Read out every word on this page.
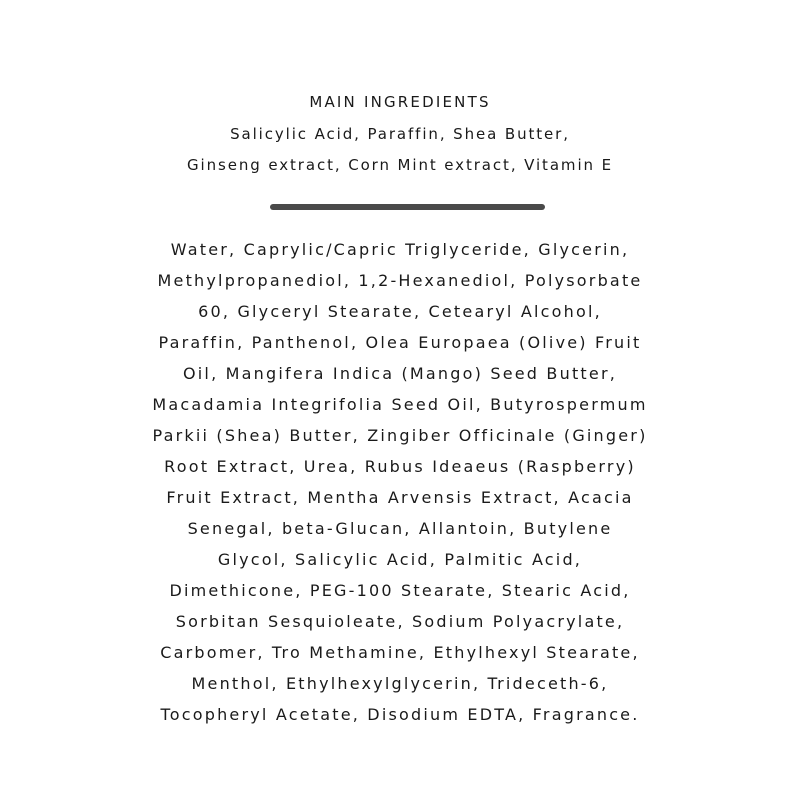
MAIN INGREDIENTS
Salicylic Acid, Paraffin, Shea Butter,
Ginseng extract, Corn Mint extract, Vitamin E
Water, Caprylic/Capric Triglyceride, Glycerin,
Methylpropanediol, 1,2-Hexanediol, Polysorbate
60, Glyceryl Stearate, Cetearyl Alcohol,
Paraffin, Panthenol, Olea Europaea (Olive) Fruit
Oil, Mangifera Indica (Mango) Seed Butter,
Macadamia Integrifolia Seed Oil, Butyrospermum
Parkii (Shea) Butter, Zingiber Officinale (Ginger)
Root Extract, Urea, Rubus Ideaeus (Raspberry)
Fruit Extract, Mentha Arvensis Extract, Acacia
Senegal, beta-Glucan, Allantoin, Butylene
Glycol, Salicylic Acid, Palmitic Acid,
Dimethicone, PEG-100 Stearate, Stearic Acid,
Sorbitan Sesquioleate, Sodium Polyacrylate,
Carbomer, Tro Methamine, Ethylhexyl Stearate,
Menthol, Ethylhexylglycerin, Trideceth-6,
Tocopheryl Acetate, Disodium EDTA, Fragrance.
